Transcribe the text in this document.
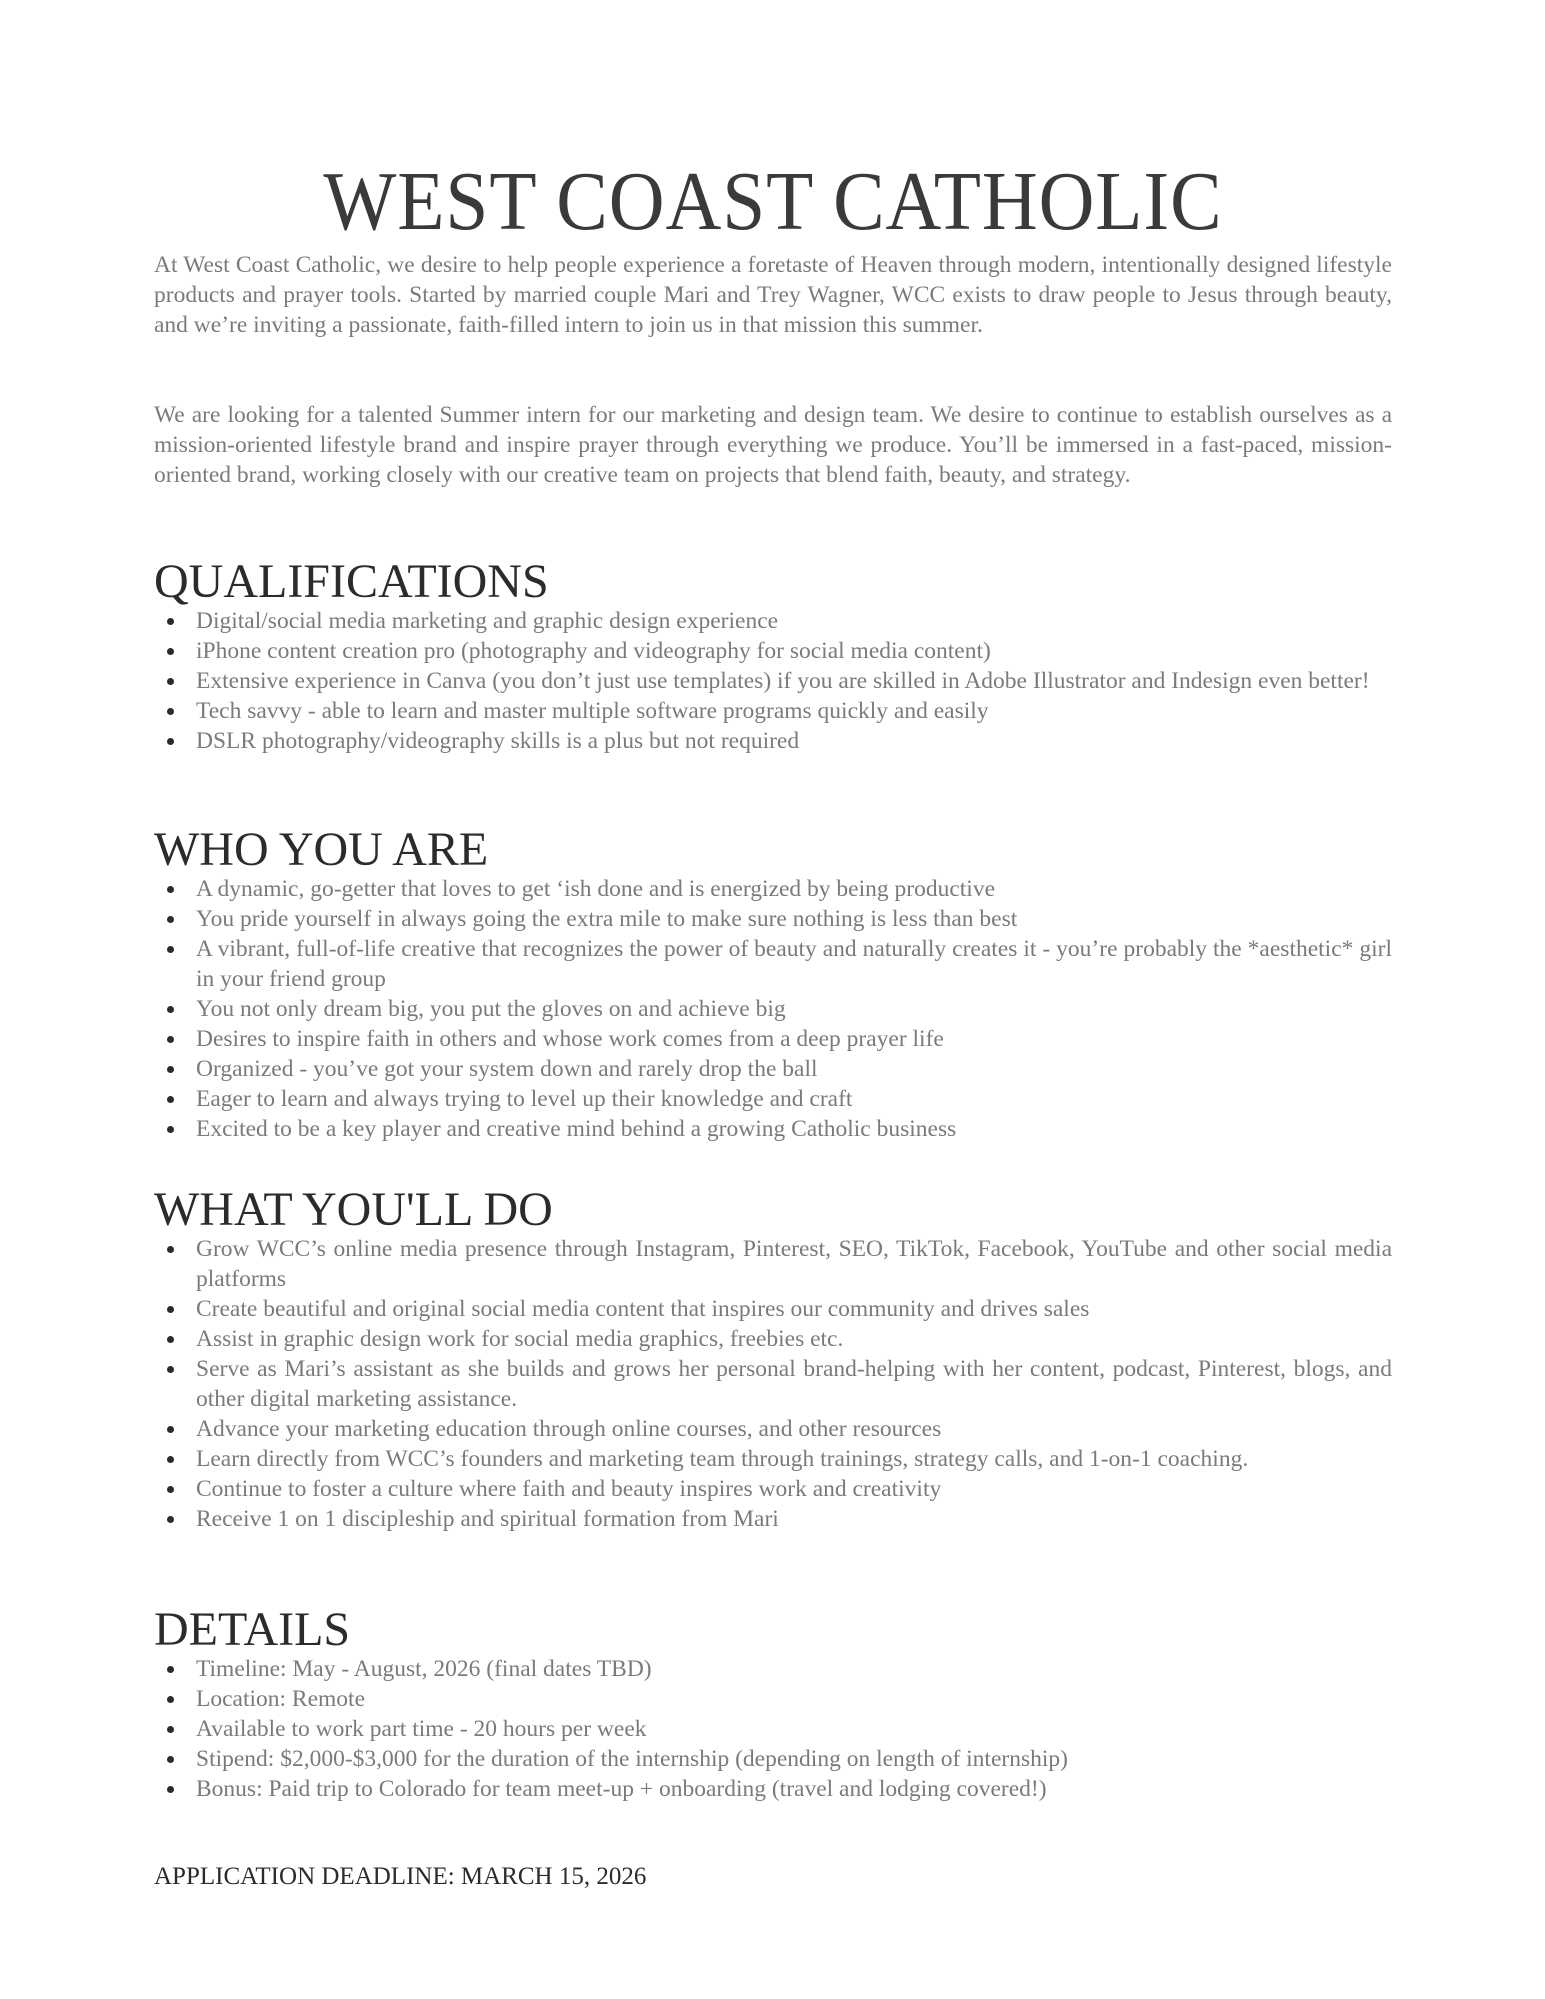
WEST COAST CATHOLIC

At West Coast Catholic, we desire to help people experience a foretaste of Heaven through modern, intentionally designed lifestyle products and prayer tools. Started by married couple Mari and Trey Wagner, WCC exists to draw people to Jesus through beauty, and we’re inviting a passionate, faith-filled intern to join us in that mission this summer.

We are looking for a talented Summer intern for our marketing and design team. We desire to continue to establish ourselves as a mission-oriented lifestyle brand and inspire prayer through everything we produce. You’ll be immersed in a fast-paced, mission-oriented brand, working closely with our creative team on projects that blend faith, beauty, and strategy.

QUALIFICATIONS
Digital/social media marketing and graphic design experience
iPhone content creation pro (photography and videography for social media content)
Extensive experience in Canva (you don’t just use templates) if you are skilled in Adobe Illustrator and Indesign even better!
Tech savvy - able to learn and master multiple software programs quickly and easily
DSLR photography/videography skills is a plus but not required
WHO YOU ARE
A dynamic, go-getter that loves to get ‘ish done and is energized by being productive
You pride yourself in always going the extra mile to make sure nothing is less than best
A vibrant, full-of-life creative that recognizes the power of beauty and naturally creates it - you’re probably the *aesthetic* girl in your friend group
You not only dream big, you put the gloves on and achieve big
Desires to inspire faith in others and whose work comes from a deep prayer life
Organized - you’ve got your system down and rarely drop the ball
Eager to learn and always trying to level up their knowledge and craft
Excited to be a key player and creative mind behind a growing Catholic business
WHAT YOU'LL DO
Grow WCC’s online media presence through Instagram, Pinterest, SEO, TikTok, Facebook, YouTube and other social media platforms
Create beautiful and original social media content that inspires our community and drives sales
Assist in graphic design work for social media graphics, freebies etc.
Serve as Mari’s assistant as she builds and grows her personal brand-helping with her content, podcast, Pinterest, blogs, and other digital marketing assistance.
Advance your marketing education through online courses, and other resources
Learn directly from WCC’s founders and marketing team through trainings, strategy calls, and 1-on-1 coaching.
Continue to foster a culture where faith and beauty inspires work and creativity
Receive 1 on 1 discipleship and spiritual formation from Mari
DETAILS
Timeline: May - August, 2026 (final dates TBD)
Location: Remote
Available to work part time - 20 hours per week
Stipend: $2,000-$3,000 for the duration of the internship (depending on length of internship)
Bonus: Paid trip to Colorado for team meet-up + onboarding (travel and lodging covered!)
APPLICATION DEADLINE: MARCH 15, 2026
